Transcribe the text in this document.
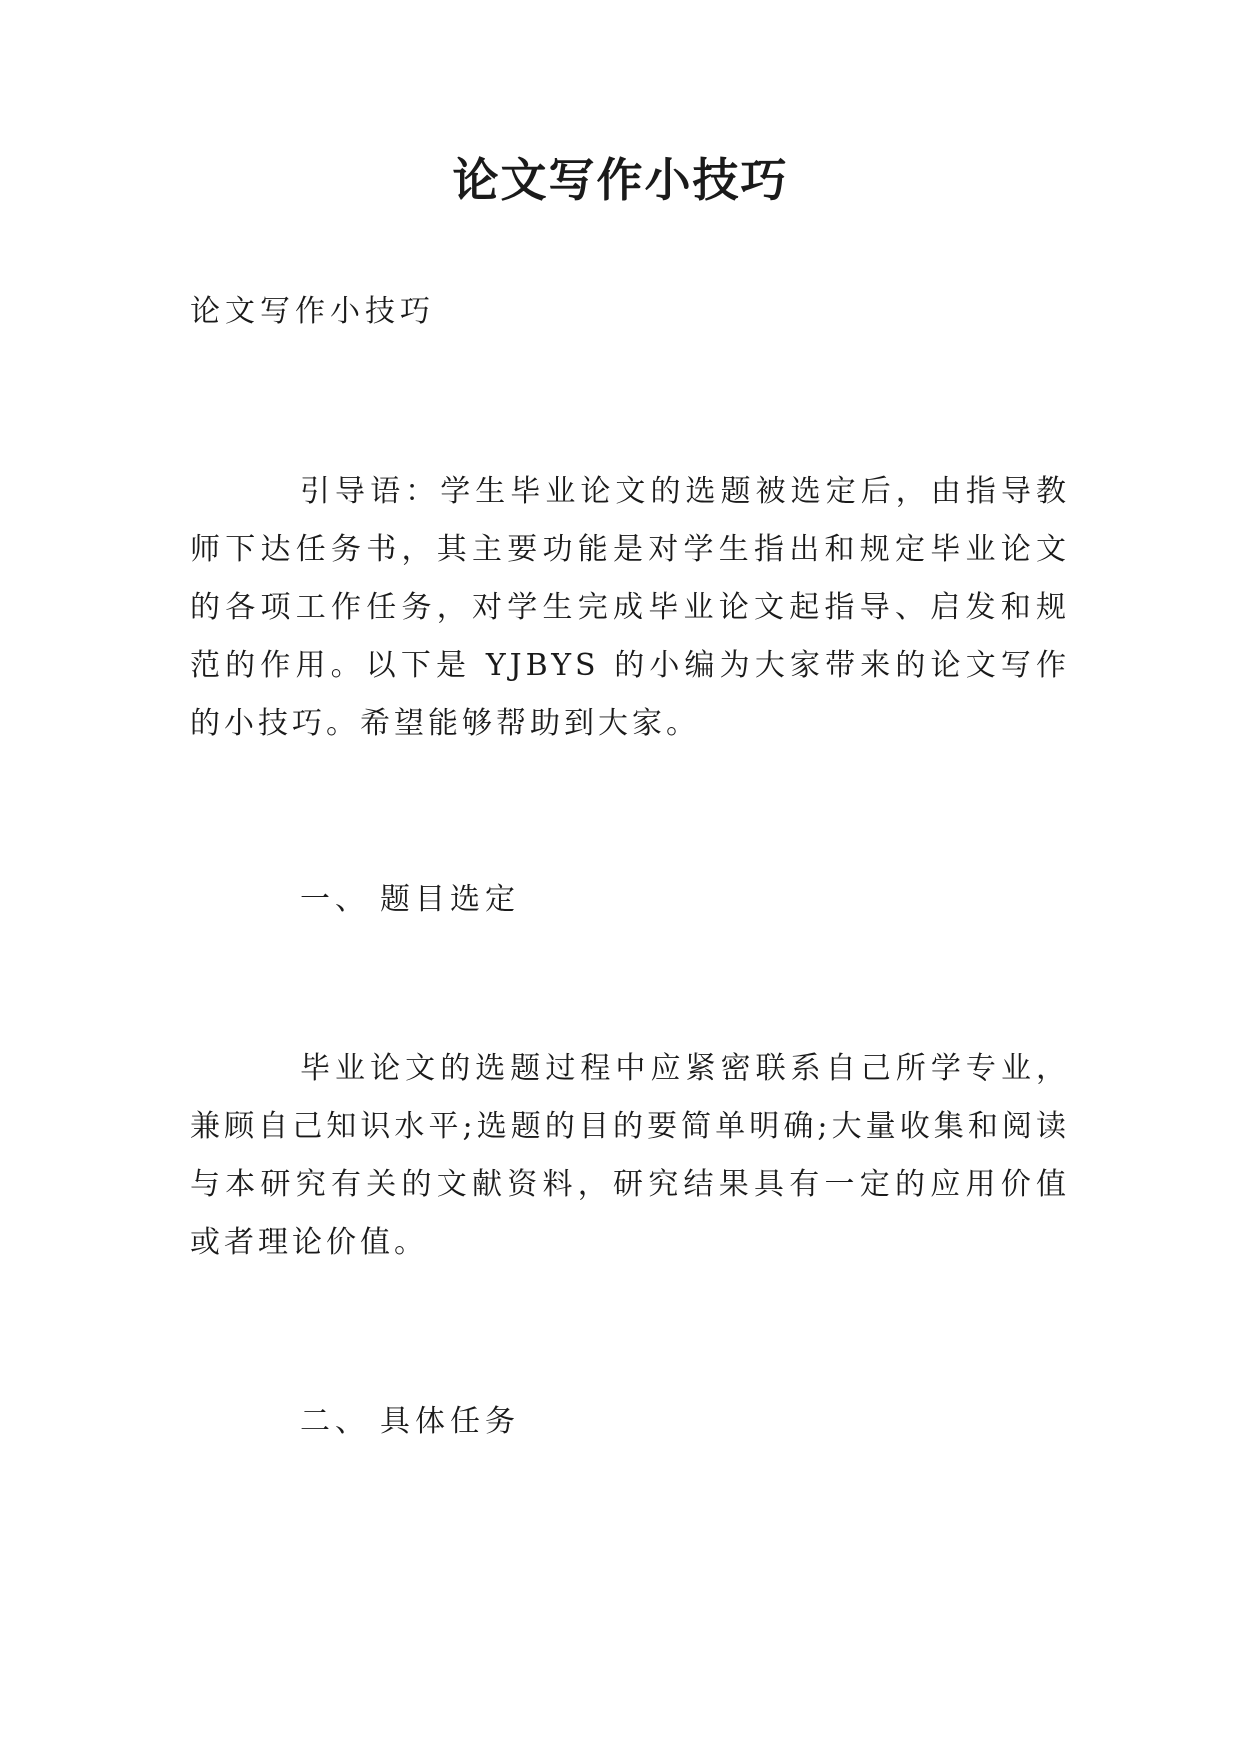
论文写作小技巧

论文写作小技巧

引导语：学生毕业论文的选题被选定后，由指导教师下达任务书，其主要功能是对学生指出和规定毕业论文的各项工作任务，对学生完成毕业论文起指导、启发和规范的作用。以下是 YJBYS 的小编为大家带来的论文写作的小技巧。希望能够帮助到大家。

一、 题目选定

毕业论文的选题过程中应紧密联系自己所学专业，兼顾自己知识水平;选题的目的要简单明确;大量收集和阅读与本研究有关的文献资料，研究结果具有一定的应用价值或者理论价值。

二、 具体任务
